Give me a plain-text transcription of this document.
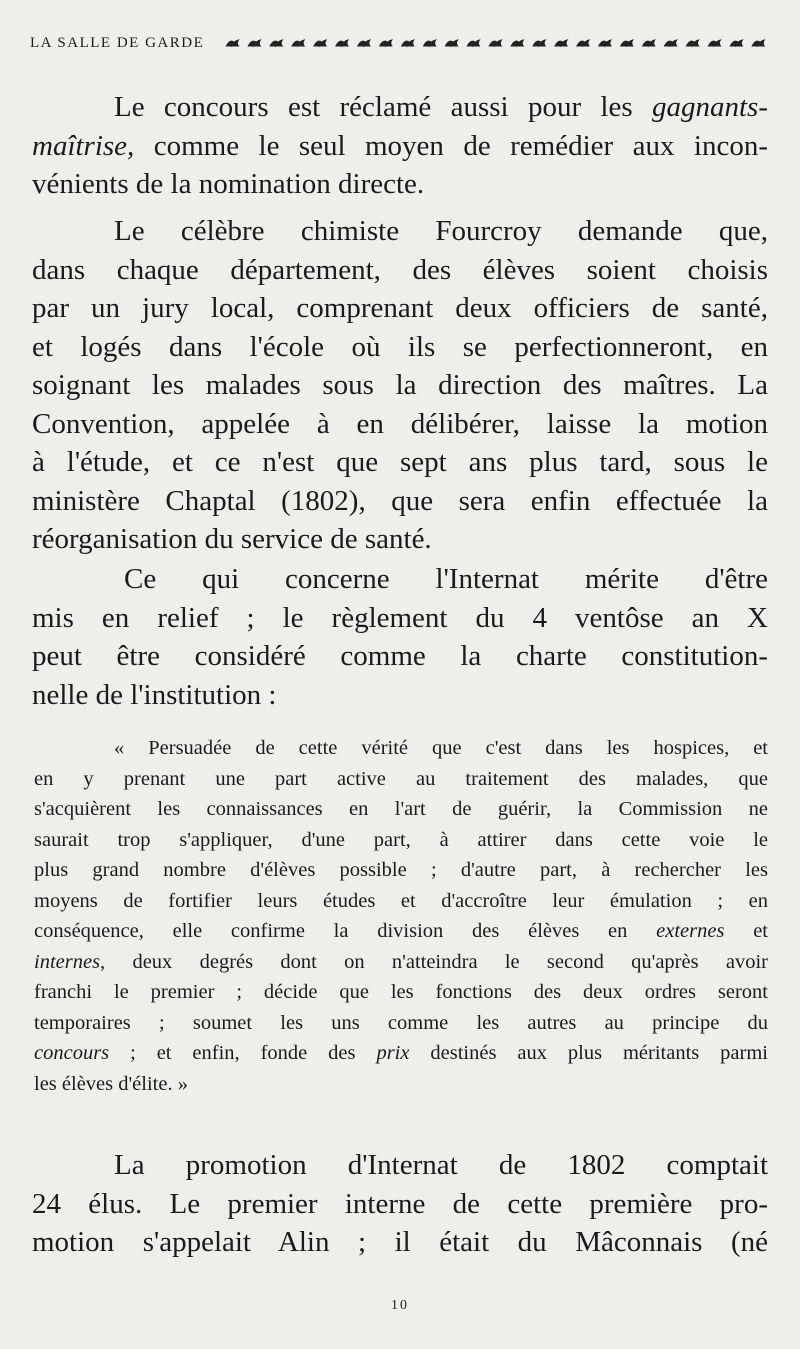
LA SALLE DE GARDE
Le concours est réclamé aussi pour les gagnants-
maîtrise, comme le seul moyen de remédier aux incon-
vénients de la nomination directe.
Le célèbre chimiste Fourcroy demande que,
dans chaque département, des élèves soient choisis
par un jury local, comprenant deux officiers de santé,
et logés dans l'école où ils se perfectionneront, en
soignant les malades sous la direction des maîtres. La
Convention, appelée à en délibérer, laisse la motion
à l'étude, et ce n'est que sept ans plus tard, sous le
ministère Chaptal (1802), que sera enfin effectuée la
réorganisation du service de santé.
Ce qui concerne l'Internat mérite d'être
mis en relief ; le règlement du 4 ventôse an X
peut être considéré comme la charte constitution-
nelle de l'institution :
« Persuadée de cette vérité que c'est dans les hospices, et
en y prenant une part active au traitement des malades, que
s'acquièrent les connaissances en l'art de guérir, la Commission ne
saurait trop s'appliquer, d'une part, à attirer dans cette voie le
plus grand nombre d'élèves possible ; d'autre part, à rechercher les
moyens de fortifier leurs études et d'accroître leur émulation ; en
conséquence, elle confirme la division des élèves en externes et
internes, deux degrés dont on n'atteindra le second qu'après avoir
franchi le premier ; décide que les fonctions des deux ordres seront
temporaires ; soumet les uns comme les autres au principe du
concours ; et enfin, fonde des prix destinés aux plus méritants parmi
les élèves d'élite. »
La promotion d'Internat de 1802 comptait
24 élus. Le premier interne de cette première pro-
motion s'appelait Alin ; il était du Mâconnais (né
10
